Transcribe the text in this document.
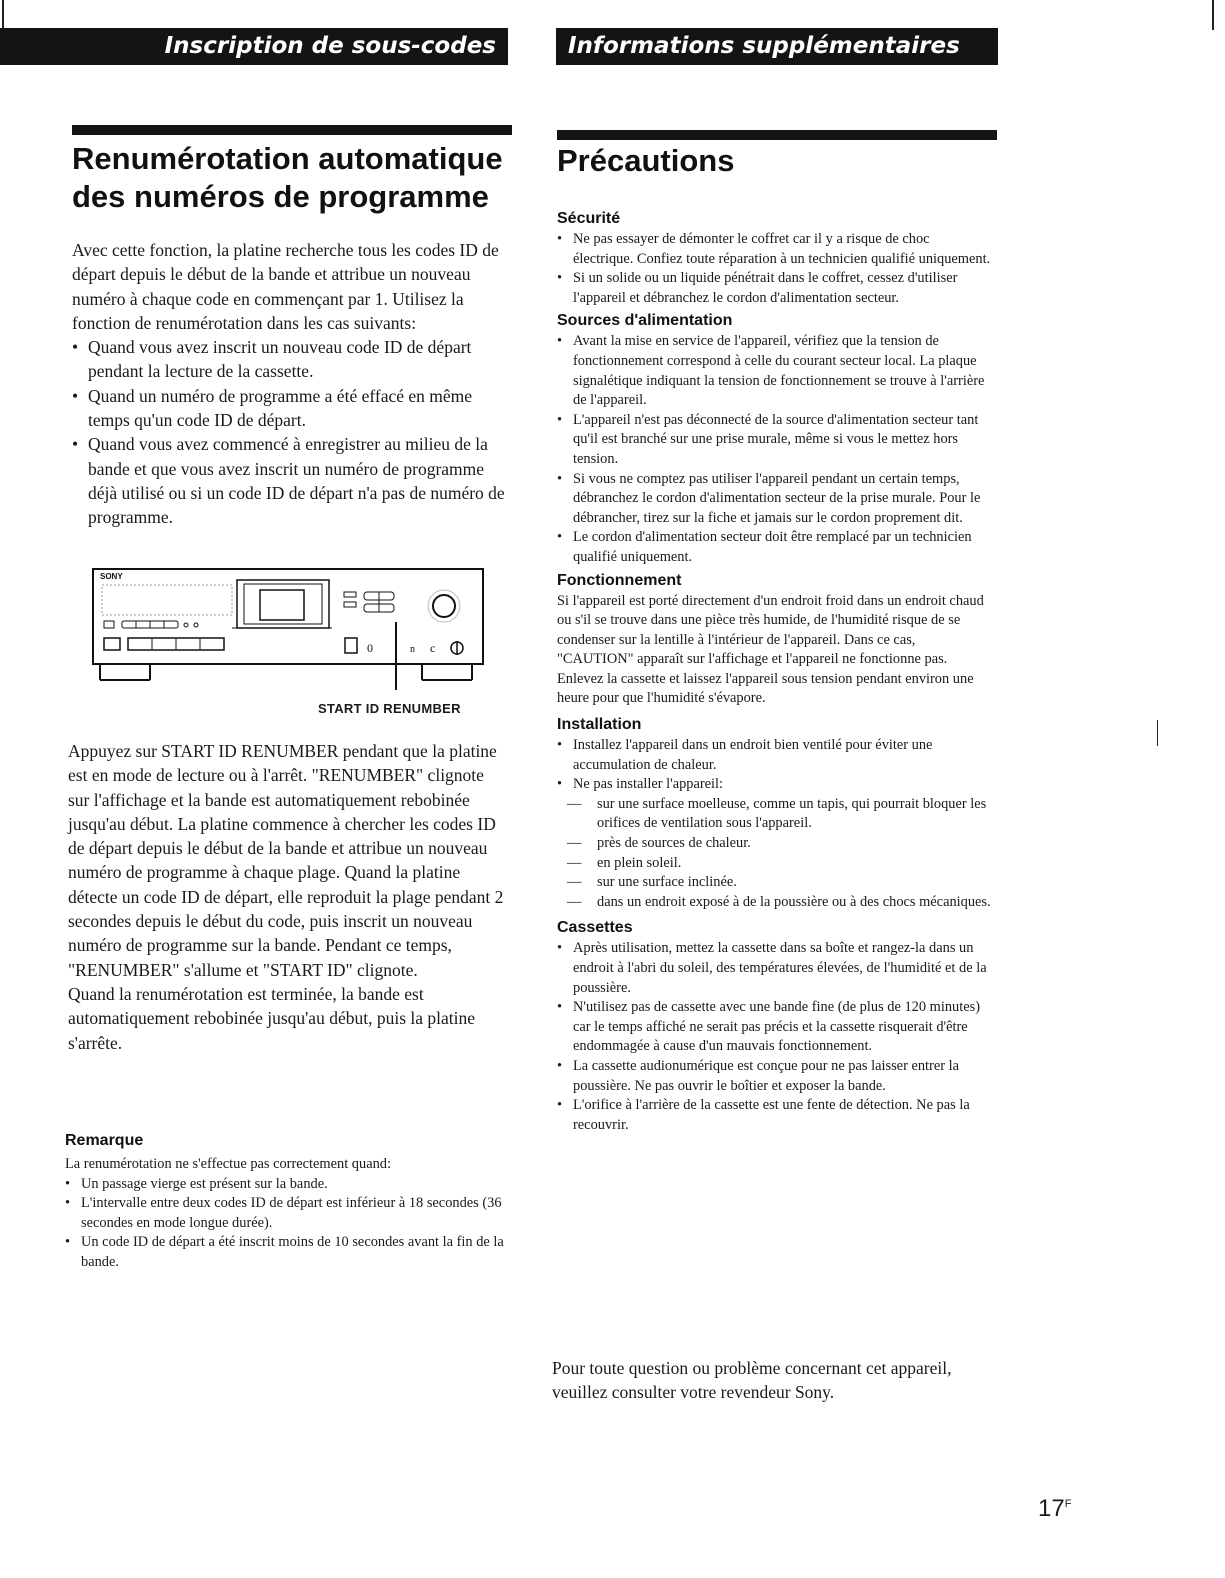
Inscription de sous-codes	Informations supplémentaires
Renumérotation automatique des numéros de programme

Avec cette fonction, la platine recherche tous les codes ID de départ depuis le début de la bande et attribue un nouveau numéro à chaque code en commençant par 1. Utilisez la fonction de renumérotation dans les cas suivants:

• Quand vous avez inscrit un nouveau code ID de départ pendant la lecture de la cassette.
• Quand un numéro de programme a été effacé en même temps qu'un code ID de départ.
• Quand vous avez commencé à enregistrer au milieu de la bande et que vous avez inscrit un numéro de programme déjà utilisé ou si un code ID de départ n'a pas de numéro de programme.
SONY
0	n c
START ID RENUMBER

Appuyez sur START ID RENUMBER pendant que la platine est en mode de lecture ou à l'arrêt. "RENUMBER" clignote sur l'affichage et la bande est automatiquement rebobinée jusqu'au début. La platine commence à chercher les codes ID de départ depuis le début de la bande et attribue un nouveau numéro de programme à chaque plage. Quand la platine détecte un code ID de départ, elle reproduit la plage pendant 2 secondes depuis le début du code, puis inscrit un nouveau numéro de programme sur la bande. Pendant ce temps, "RENUMBER" s'allume et "START ID" clignote.

Quand la renumérotation est terminée, la bande est automatiquement rebobinée jusqu'au début, puis la platine s'arrête.

Remarque

La renumérotation ne s'effectue pas correctement quand:

• Un passage vierge est présent sur la bande.
• L'intervalle entre deux codes ID de départ est inférieur à 18 secondes (36 secondes en mode longue durée).
• Un code ID de départ a été inscrit moins de 10 secondes avant la fin de la bande.
Précautions
Sécurité
• Ne pas essayer de démonter le coffret car il y a risque de choc électrique. Confiez toute réparation à un technicien qualifié uniquement.
• Si un solide ou un liquide pénétrait dans le coffret, cessez d'utiliser l'appareil et débranchez le cordon d'alimentation secteur.
Sources d'alimentation
• Avant la mise en service de l'appareil, vérifiez que la tension de fonctionnement correspond à celle du courant secteur local. La plaque signalétique indiquant la tension de fonctionnement se trouve à l'arrière de l'appareil.
• L'appareil n'est pas déconnecté de la source d'alimentation secteur tant qu'il est branché sur une prise murale, même si vous le mettez hors tension.
• Si vous ne comptez pas utiliser l'appareil pendant un certain temps, débranchez le cordon d'alimentation secteur de la prise murale. Pour le débrancher, tirez sur la fiche et jamais sur le cordon proprement dit.
• Le cordon d'alimentation secteur doit être remplacé par un technicien qualifié uniquement.
Fonctionnement

Si l'appareil est porté directement d'un endroit froid dans un endroit chaud ou s'il se trouve dans une pièce très humide, de l'humidité risque de se condenser sur la lentille à l'intérieur de l'appareil. Dans ce cas, "CAUTION" apparaît sur l'affichage et l'appareil ne fonctionne pas. Enlevez la cassette et laissez l'appareil sous tension pendant environ une heure pour que l'humidité s'évapore.

Installation
• Installez l'appareil dans un endroit bien ventilé pour éviter une accumulation de chaleur.
• Ne pas installer l'appareil:
— sur une surface moelleuse, comme un tapis, qui pourrait bloquer les orifices de ventilation sous l'appareil.
— près de sources de chaleur.
— en plein soleil.
— sur une surface inclinée.
— dans un endroit exposé à de la poussière ou à des chocs mécaniques.
Cassettes
• Après utilisation, mettez la cassette dans sa boîte et rangez-la dans un endroit à l'abri du soleil, des températures élevées, de l'humidité et de la poussière.
• N'utilisez pas de cassette avec une bande fine (de plus de 120 minutes) car le temps affiché ne serait pas précis et la cassette risquerait d'être endommagée à cause d'un mauvais fonctionnement.
• La cassette audionumérique est conçue pour ne pas laisser entrer la poussière. Ne pas ouvrir le boîtier et exposer la bande.
• L'orifice à l'arrière de la cassette est une fente de détection. Ne pas la recouvrir.

Pour toute question ou problème concernant cet appareil, veuillez consulter votre revendeur Sony.

$17^F$
